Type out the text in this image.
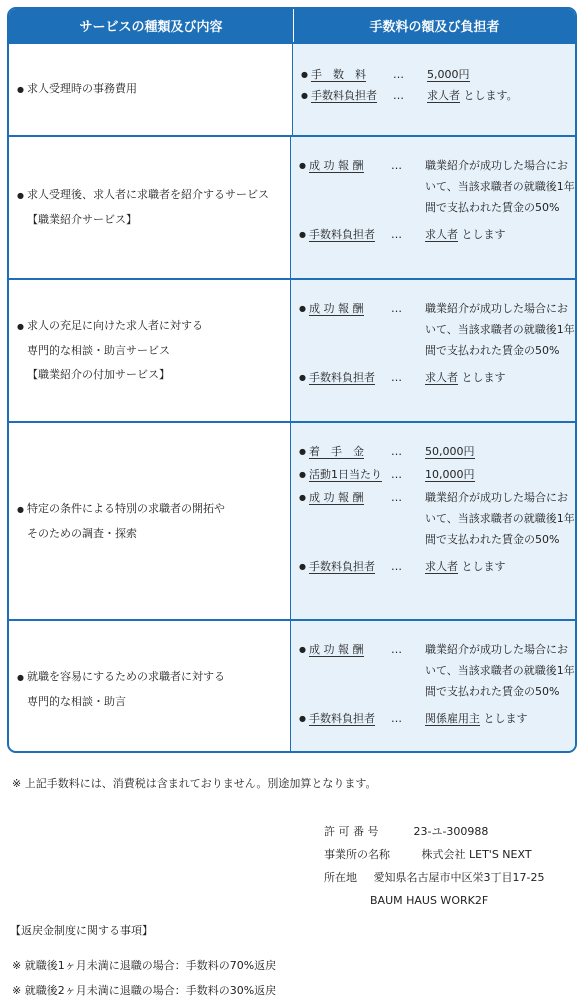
サービスの種類及び内容	手数料の額及び負担者
● 求人受理時の事務費用
● 手　数　料	…	5,000円
● 手数料負担者	…	求人者 とします。
● 求人受理後、求人者に求職者を紹介するサービス
【職業紹介サービス】
● 成 功 報 酬	…	職業紹介が成功した場合において、当該求職者の就職後1年間で支払われた賃金の50%
● 手数料負担者	…	求人者 とします
● 求人の充足に向けた求人者に対する
専門的な相談・助言サービス
【職業紹介の付加サービス】
● 成 功 報 酬	…	職業紹介が成功した場合において、当該求職者の就職後1年間で支払われた賃金の50%
● 手数料負担者	…	求人者 とします
● 特定の条件による特別の求職者の開拓や
そのための調査・探索
● 着　手　金	…	50,000円
● 活動1日当たり …	10,000円
● 成 功 報 酬	…	職業紹介が成功した場合において、当該求職者の就職後1年間で支払われた賃金の50%
● 手数料負担者	…	求人者 とします
● 就職を容易にするための求職者に対する
専門的な相談・助言
● 成 功 報 酬	…	職業紹介が成功した場合において、当該求職者の就職後1年間で支払われた賃金の50%
● 手数料負担者	…	関係雇用主 とします
※ 上記手数料には、消費税は含まれておりません。別途加算となります。
許 可 番 号	23-ユ-300988
事業所の名称	株式会社 LET'S NEXT
所在地 愛知県名古屋市中区栄3丁目17-25
BAUM HAUS WORK2F
【返戻金制度に関する事項】
※ 就職後1ヶ月未満に退職の場合：手数料の70%返戻
※ 就職後2ヶ月未満に退職の場合：手数料の30%返戻
